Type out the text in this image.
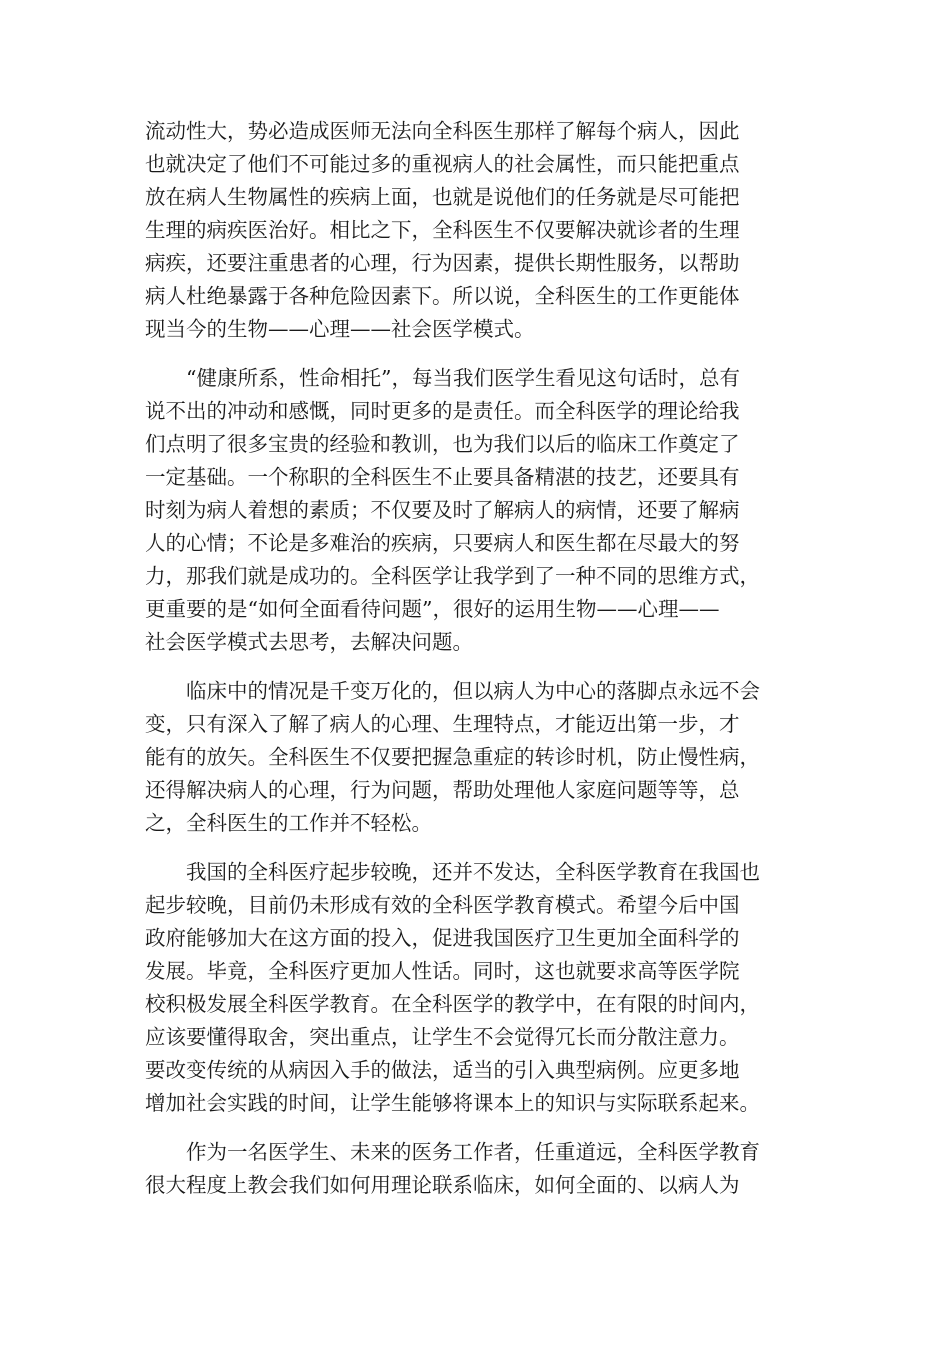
流动性大，势必造成医师无法向全科医生那样了解每个病人，因此
也就决定了他们不可能过多的重视病人的社会属性，而只能把重点
放在病人生物属性的疾病上面，也就是说他们的任务就是尽可能把
生理的病疾医治好。相比之下，全科医生不仅要解决就诊者的生理
病疾，还要注重患者的心理，行为因素，提供长期性服务，以帮助
病人杜绝暴露于各种危险因素下。所以说，全科医生的工作更能体
现当今的生物——心理——社会医学模式。

“健康所系，性命相托”，每当我们医学生看见这句话时，总有
说不出的冲动和感慨，同时更多的是责任。而全科医学的理论给我
们点明了很多宝贵的经验和教训，也为我们以后的临床工作奠定了
一定基础。一个称职的全科医生不止要具备精湛的技艺，还要具有
时刻为病人着想的素质；不仅要及时了解病人的病情，还要了解病
人的心情；不论是多难治的疾病，只要病人和医生都在尽最大的努
力，那我们就是成功的。全科医学让我学到了一种不同的思维方式，
更重要的是“如何全面看待问题”，很好的运用生物——心理——
社会医学模式去思考，去解决问题。

临床中的情况是千变万化的，但以病人为中心的落脚点永远不会
变，只有深入了解了病人的心理、生理特点，才能迈出第一步，才
能有的放矢。全科医生不仅要把握急重症的转诊时机，防止慢性病，
还得解决病人的心理，行为问题，帮助处理他人家庭问题等等，总
之，全科医生的工作并不轻松。

我国的全科医疗起步较晚，还并不发达，全科医学教育在我国也
起步较晚，目前仍未形成有效的全科医学教育模式。希望今后中国
政府能够加大在这方面的投入，促进我国医疗卫生更加全面科学的
发展。毕竟，全科医疗更加人性话。同时，这也就要求高等医学院
校积极发展全科医学教育。在全科医学的教学中，在有限的时间内，
应该要懂得取舍，突出重点，让学生不会觉得冗长而分散注意力。
要改变传统的从病因入手的做法，适当的引入典型病例。应更多地
增加社会实践的时间，让学生能够将课本上的知识与实际联系起来。

作为一名医学生、未来的医务工作者，任重道远，全科医学教育
很大程度上教会我们如何用理论联系临床，如何全面的、以病人为
